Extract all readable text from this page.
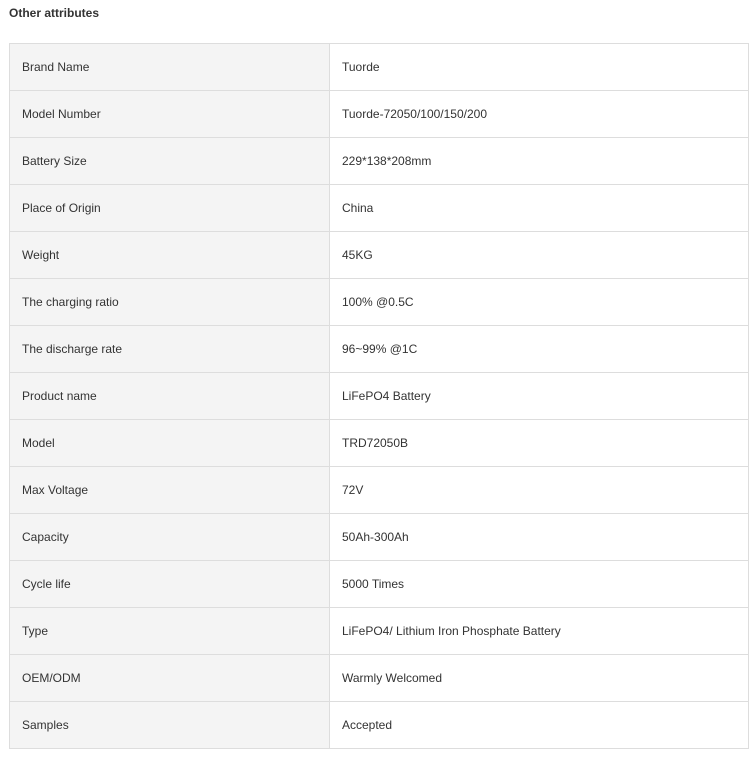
Other attributes
Brand Name	Tuorde
Model Number	Tuorde-72050/100/150/200
Battery Size	229*138*208mm
Place of Origin	China
Weight	45KG
The charging ratio	100% @0.5C
The discharge rate	96~99% @1C
Product name	LiFePO4 Battery
Model	TRD72050B
Max Voltage	72V
Capacity	50Ah-300Ah
Cycle life	5000 Times
Type	LiFePO4/ Lithium Iron Phosphate Battery
OEM/ODM	Warmly Welcomed
Samples	Accepted
